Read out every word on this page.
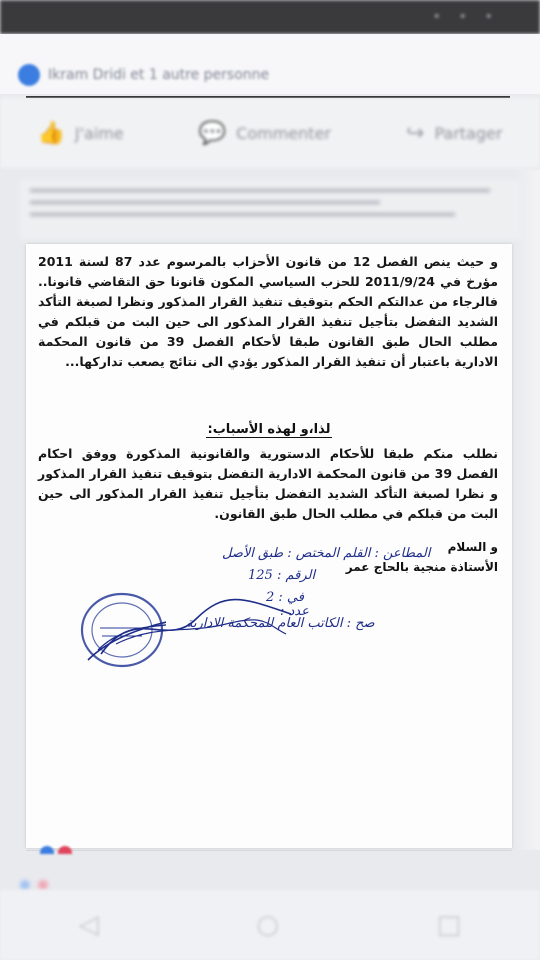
• • •
Ikram Dridi et 1 autre personne
👍 J'aime	💬 Commenter	↪ Partager
و حيث ينص الفصل 12 من قانون الأحزاب بالمرسوم عدد 87 لسنة 2011 مؤرخ في 2011/9/24 للحزب السياسي المكون قانونا حق التقاضي قانونا.. فالرجاء من عدالتكم الحكم بتوقيف تنفيذ القرار المذكور ونظرا لصبغة التأكد الشديد التفضل بتأجيل تنفيذ القرار المذكور الى حين البت من قبلكم في مطلب الحال طبق القانون طبقا لأحكام الفصل 39 من قانون المحكمة الادارية باعتبار أن تنفيذ القرار المذكور يؤدي الى نتائج يصعب تداركها...
لذا،و لهذه الأسباب:
نطلب منكم طبقا للأحكام الدستورية والقانونية المذكورة ووفق احكام الفصل 39 من قانون المحكمة الادارية التفضل بتوقيف تنفيذ القرار المذكور و نظرا لصبغة التأكد الشديد التفضل بتأجيل تنفيذ القرار المذكور الى حين البت من قبلكم في مطلب الحال طبق القانون.
و السلام
الأستاذة منجية بالحاج عمر
المطاعن : القلم المختص : طبق الأصل
الرقم : 125
في : 2
عدد :
صح : الكاتب العام للمحكمة الادارية
◁	○	□
